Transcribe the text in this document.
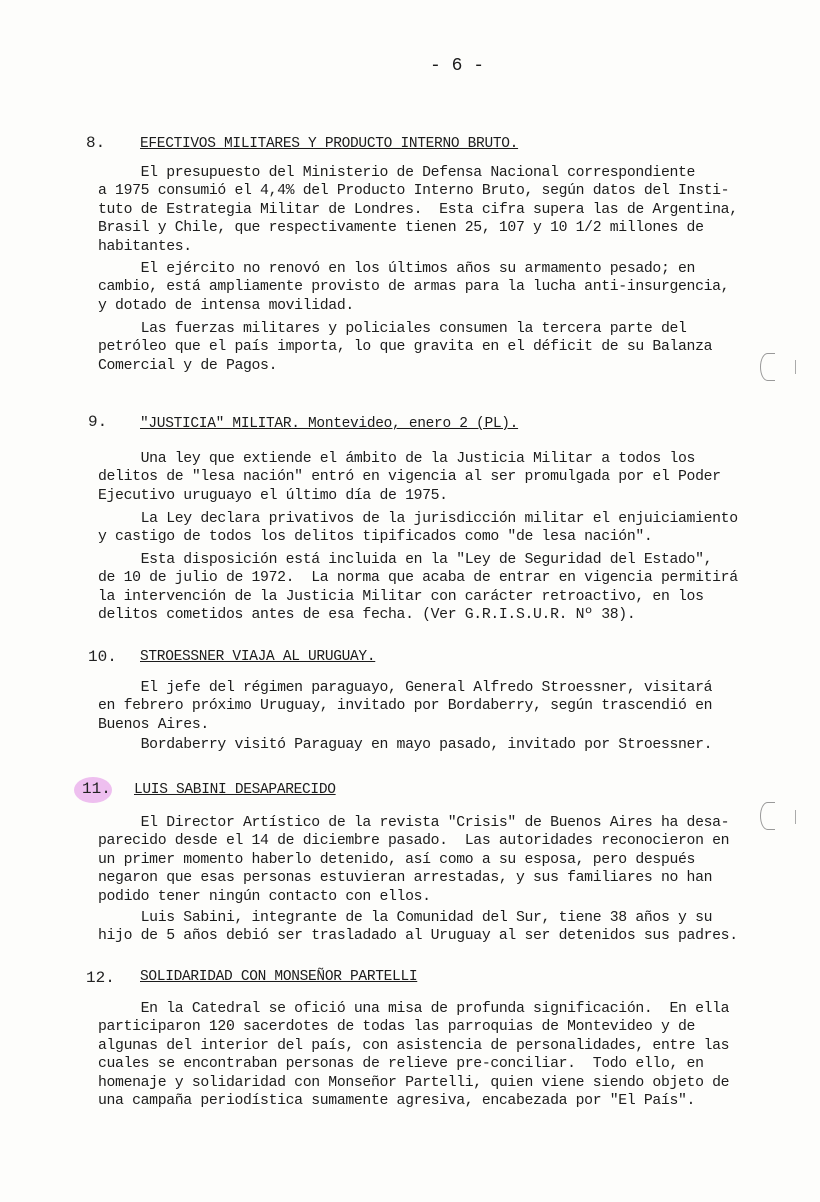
- 6 -
8. EFECTIVOS MILITARES Y PRODUCTO INTERNO BRUTO.
El presupuesto del Ministerio de Defensa Nacional correspondiente
a 1975 consumió el 4,4% del Producto Interno Bruto, según datos del Insti-
tuto de Estrategia Militar de Londres.  Esta cifra supera las de Argentina,
Brasil y Chile, que respectivamente tienen 25, 107 y 10 1/2 millones de
habitantes.
El ejército no renovó en los últimos años su armamento pesado; en
cambio, está ampliamente provisto de armas para la lucha anti-insurgencia,
y dotado de intensa movilidad.
Las fuerzas militares y policiales consumen la tercera parte del
petróleo que el país importa, lo que gravita en el déficit de su Balanza
Comercial y de Pagos.
9. "JUSTICIA" MILITAR. Montevideo, enero 2 (PL).
Una ley que extiende el ámbito de la Justicia Militar a todos los
delitos de "lesa nación" entró en vigencia al ser promulgada por el Poder
Ejecutivo uruguayo el último día de 1975.
La Ley declara privativos de la jurisdicción militar el enjuiciamiento
y castigo de todos los delitos tipificados como "de lesa nación".
Esta disposición está incluida en la "Ley de Seguridad del Estado",
de 10 de julio de 1972.  La norma que acaba de entrar en vigencia permitirá
la intervención de la Justicia Militar con carácter retroactivo, en los
delitos cometidos antes de esa fecha. (Ver G.R.I.S.U.R. Nº 38).
10. STROESSNER VIAJA AL URUGUAY.
El jefe del régimen paraguayo, General Alfredo Stroessner, visitará
en febrero próximo Uruguay, invitado por Bordaberry, según trascendió en
Buenos Aires.
Bordaberry visitó Paraguay en mayo pasado, invitado por Stroessner.
11. LUIS SABINI DESAPARECIDO
El Director Artístico de la revista "Crisis" de Buenos Aires ha desa-
parecido desde el 14 de diciembre pasado.  Las autoridades reconocieron en
un primer momento haberlo detenido, así como a su esposa, pero después
negaron que esas personas estuvieran arrestadas, y sus familiares no han
podido tener ningún contacto con ellos.
Luis Sabini, integrante de la Comunidad del Sur, tiene 38 años y su
hijo de 5 años debió ser trasladado al Uruguay al ser detenidos sus padres.
12. SOLIDARIDAD CON MONSEÑOR PARTELLI
En la Catedral se ofició una misa de profunda significación.  En ella
participaron 120 sacerdotes de todas las parroquias de Montevideo y de
algunas del interior del país, con asistencia de personalidades, entre las
cuales se encontraban personas de relieve pre-conciliar.  Todo ello, en
homenaje y solidaridad con Monseñor Partelli, quien viene siendo objeto de
una campaña periodística sumamente agresiva, encabezada por "El País".
